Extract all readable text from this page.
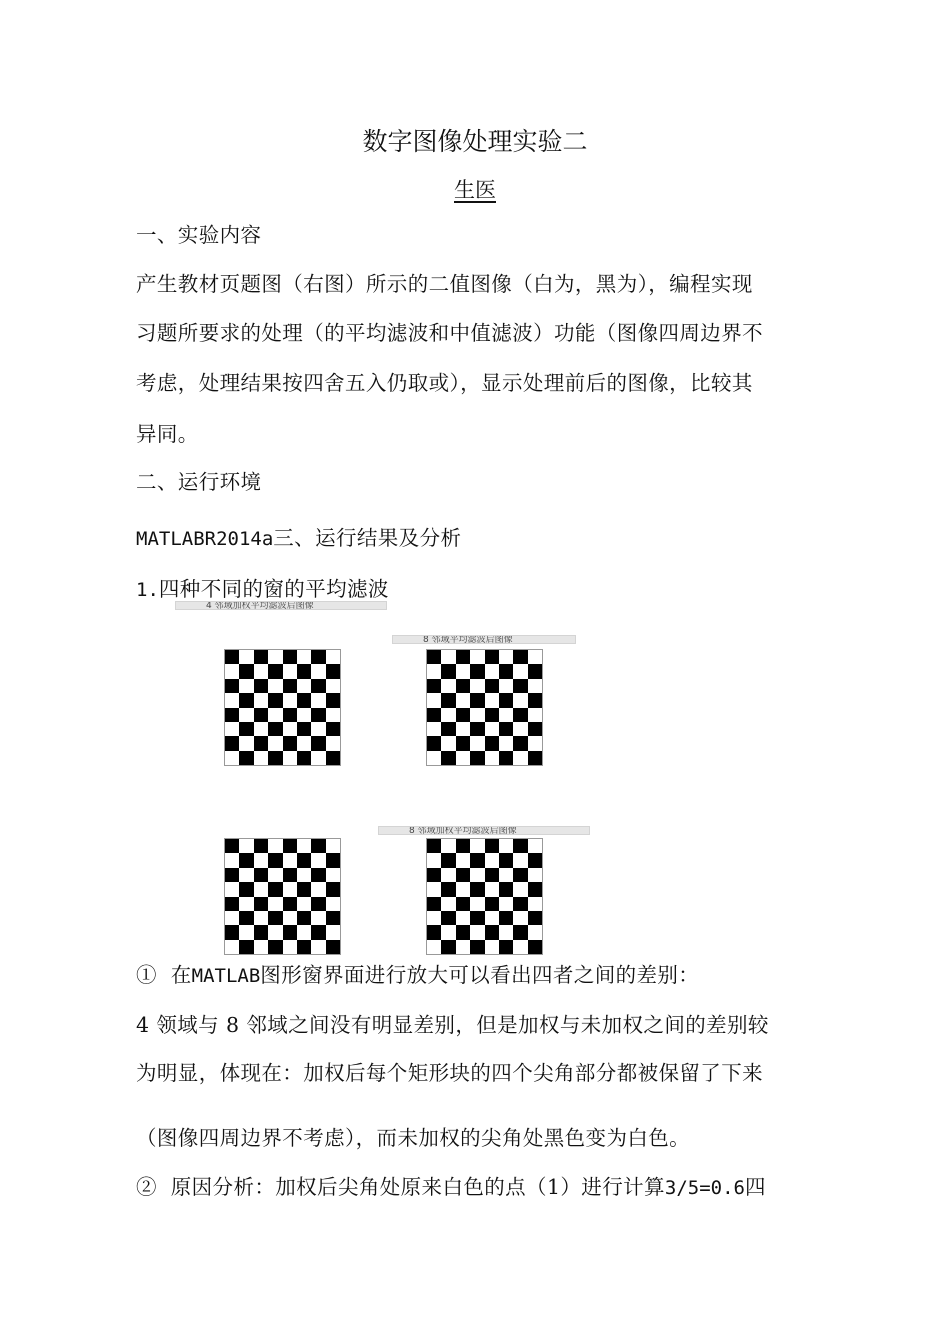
数字图像处理实验二
生医
一、实验内容
产生教材页题图（右图）所示的二值图像（白为，黑为），编程实现
习题所要求的处理（的平均滤波和中值滤波）功能（图像四周边界不
考虑，处理结果按四舍五入仍取或），显示处理前后的图像，比较其
异同。
二、运行环境
MATLABR2014a三、运行结果及分析
1.四种不同的窗的平均滤波
4 邻域加权平均滤波后图像
8 邻域平均滤波后图像
8 邻域加权平均滤波后图像
① 在MATLAB图形窗界面进行放大可以看出四者之间的差别：
4 领域与 8 邻域之间没有明显差别，但是加权与未加权之间的差别较
为明显，体现在：加权后每个矩形块的四个尖角部分都被保留了下来
（图像四周边界不考虑），而未加权的尖角处黑色变为白色。
② 原因分析：加权后尖角处原来白色的点（1）进行计算3/5=0.6四
